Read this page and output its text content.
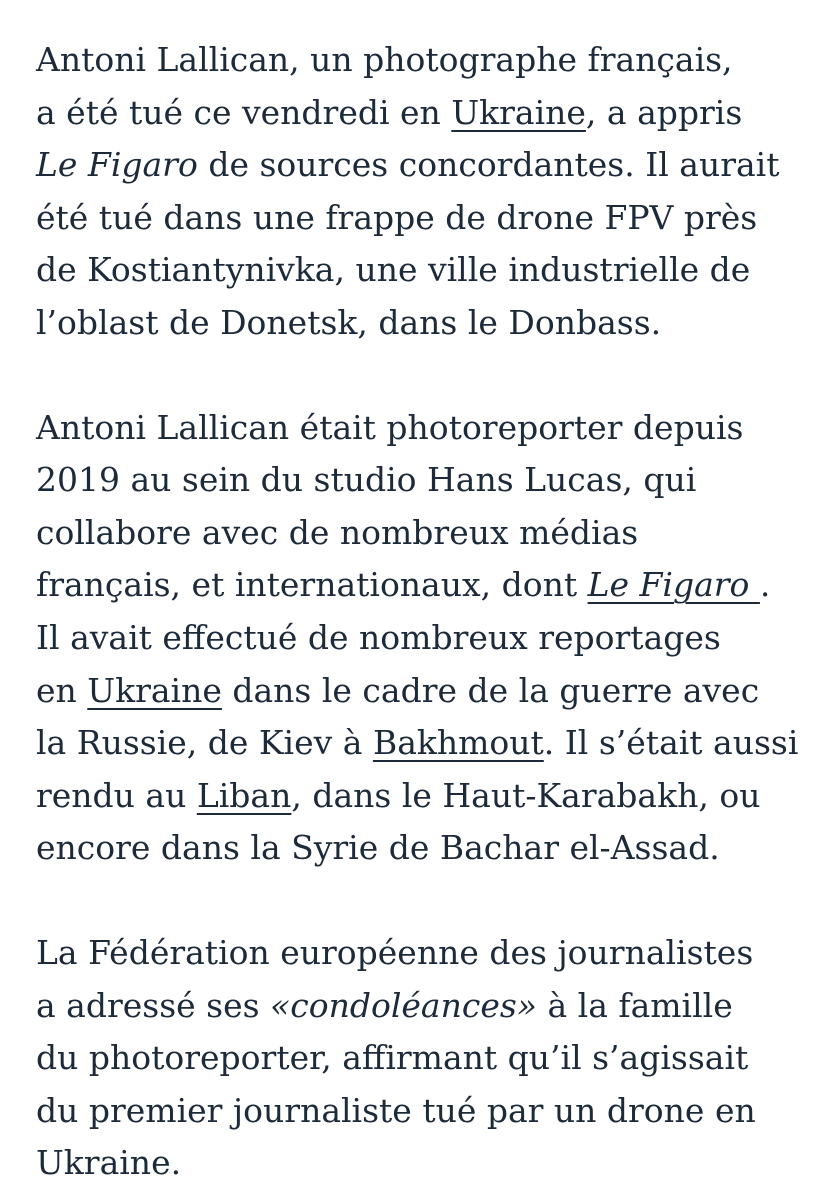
Antoni Lallican, un photographe français,
a été tué ce vendredi en Ukraine, a appris
Le Figaro de sources concordantes. Il aurait
été tué dans une frappe de drone FPV près
de Kostiantynivka, une ville industrielle de
l’oblast de Donetsk, dans le Donbass.

Antoni Lallican était photoreporter depuis
2019 au sein du studio Hans Lucas, qui
collabore avec de nombreux médias
français, et internationaux, dont Le Figaro .
Il avait effectué de nombreux reportages
en Ukraine dans le cadre de la guerre avec
la Russie, de Kiev à Bakhmout. Il s’était aussi
rendu au Liban, dans le Haut-Karabakh, ou
encore dans la Syrie de Bachar el-Assad.

La Fédération européenne des journalistes
a adressé ses «condoléances» à la famille
du photoreporter, affirmant qu’il s’agissait
du premier journaliste tué par un drone en
Ukraine.
